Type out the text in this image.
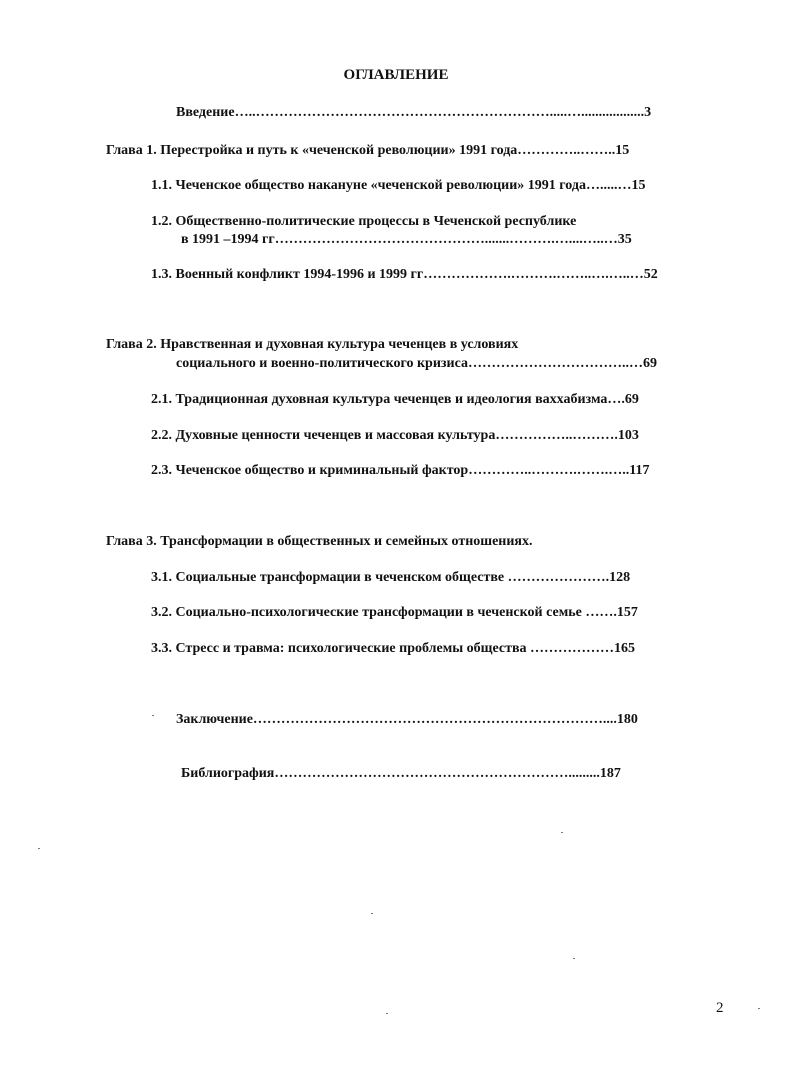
ОГЛАВЛЕНИЕ
Введение…..……………………………………………………….....…..................3
Глава 1. Перестройка и путь к «чеченской революции» 1991 года…………..……..15
1.1. Чеченское общество накануне «чеченской революции» 1991 года….....…15
1.2. Общественно-политические процессы в Чеченской республике
в 1991 –1994 гг……………………………………….......……….…....…..…35
1.3. Военный конфликт 1994-1996 и 1999 гг……………….……….……..….…..…52
Глава 2. Нравственная и духовная культура чеченцев в условиях
социального и военно-политического кризиса……………………………..…69
2.1. Традиционная духовная культура чеченцев и идеология ваххабизма….69
2.2. Духовные ценности чеченцев и массовая культура……………..……….103
2.3. Чеченское общество и криминальный фактор…………..……….…….…..117
Глава 3. Трансформации в общественных и семейных отношениях.
3.1. Социальные трансформации в чеченском обществе ………………….128
3.2. Социально-психологические трансформации в чеченской семье …….157
3.3. Стресс и травма: психологические проблемы общества ………………165
Заключение…………………………………………………………………....180
Библиография……………………………………………………….........187
2
